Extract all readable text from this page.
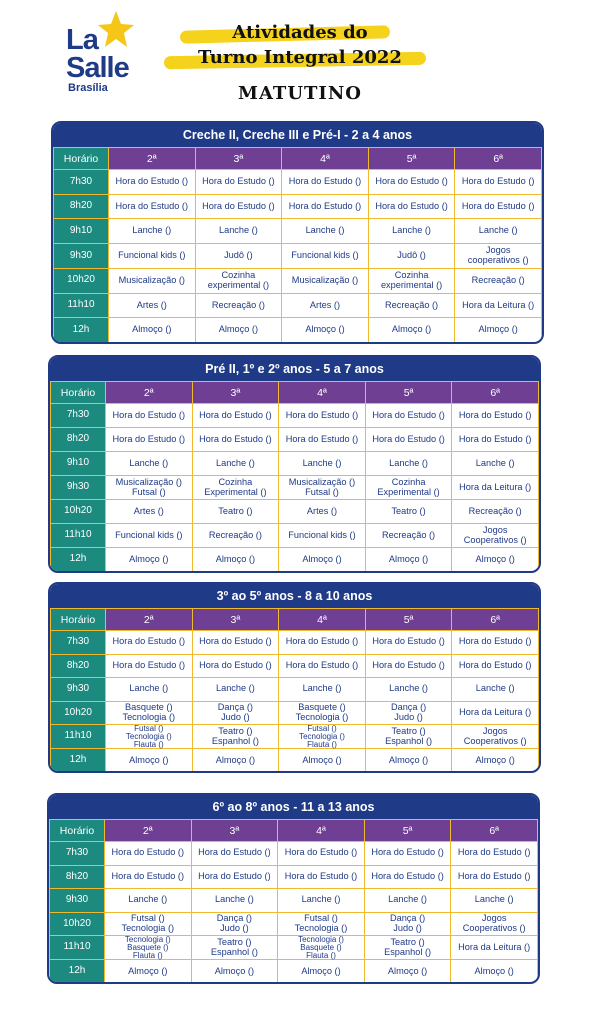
La
Salle
Brasília
Atividades do
Turno Integral 2022
MATUTINO
Creche II, Creche III e Pré-I - 2 a 4 anos
Horário	2ª	3ª	4ª	5ª	6ª
7h30	Hora do Estudo ()	Hora do Estudo ()	Hora do Estudo ()	Hora do Estudo ()	Hora do Estudo ()
8h20	Hora do Estudo ()	Hora do Estudo ()	Hora do Estudo ()	Hora do Estudo ()	Hora do Estudo ()
9h10	Lanche ()	Lanche ()	Lanche ()	Lanche ()	Lanche ()
9h30	Funcional kids ()	Judô ()	Funcional kids ()	Judô ()	Jogos
cooperativos ()
10h20	Musicalização ()	Cozinha
experimental ()	Musicalização ()	Cozinha
experimental ()	Recreação ()
11h10	Artes ()	Recreação ()	Artes ()	Recreação ()	Hora da Leitura ()
12h	Almoço ()	Almoço ()	Almoço ()	Almoço ()	Almoço ()
Pré II, 1º e 2º anos - 5 a 7 anos
Horário	2ª	3ª	4ª	5ª	6ª
7h30	Hora do Estudo ()	Hora do Estudo ()	Hora do Estudo ()	Hora do Estudo ()	Hora do Estudo ()
8h20	Hora do Estudo ()	Hora do Estudo ()	Hora do Estudo ()	Hora do Estudo ()	Hora do Estudo ()
9h10	Lanche ()	Lanche ()	Lanche ()	Lanche ()	Lanche ()
9h30	Musicalização ()
Futsal ()	Cozinha
Experimental ()	Musicalização ()
Futsal ()	Cozinha
Experimental ()	Hora da Leitura ()
10h20	Artes ()	Teatro ()	Artes ()	Teatro ()	Recreação ()
11h10	Funcional kids ()	Recreação ()	Funcional kids ()	Recreação ()	Jogos
Cooperativos ()
12h	Almoço ()	Almoço ()	Almoço ()	Almoço ()	Almoço ()
3º ao 5º anos - 8 a 10 anos
Horário	2ª	3ª	4ª	5ª	6ª
7h30	Hora do Estudo ()	Hora do Estudo ()	Hora do Estudo ()	Hora do Estudo ()	Hora do Estudo ()
8h20	Hora do Estudo ()	Hora do Estudo ()	Hora do Estudo ()	Hora do Estudo ()	Hora do Estudo ()
9h30	Lanche ()	Lanche ()	Lanche ()	Lanche ()	Lanche ()
10h20	Basquete ()
Tecnologia ()	Dança ()
Judo ()	Basquete ()
Tecnologia ()	Dança ()
Judo ()	Hora da Leitura ()
11h10	Futsal ()
Tecnologia ()
Flauta ()	Teatro ()
Espanhol ()	Futsal ()
Tecnologia ()
Flauta ()	Teatro ()
Espanhol ()	Jogos
Cooperativos ()
12h	Almoço ()	Almoço ()	Almoço ()	Almoço ()	Almoço ()
6º ao 8º anos - 11 a 13 anos
Horário	2ª	3ª	4ª	5ª	6ª
7h30	Hora do Estudo ()	Hora do Estudo ()	Hora do Estudo ()	Hora do Estudo ()	Hora do Estudo ()
8h20	Hora do Estudo ()	Hora do Estudo ()	Hora do Estudo ()	Hora do Estudo ()	Hora do Estudo ()
9h30	Lanche ()	Lanche ()	Lanche ()	Lanche ()	Lanche ()
10h20	Futsal ()
Tecnologia ()	Dança ()
Judo ()	Futsal ()
Tecnologia ()	Dança ()
Judo ()	Jogos
Cooperativos ()
11h10	Tecnologia ()
Basquete ()
Flauta ()	Teatro ()
Espanhol ()	Tecnologia ()
Basquete ()
Flauta ()	Teatro ()
Espanhol ()	Hora da Leitura ()
12h	Almoço ()	Almoço ()	Almoço ()	Almoço ()	Almoço ()
